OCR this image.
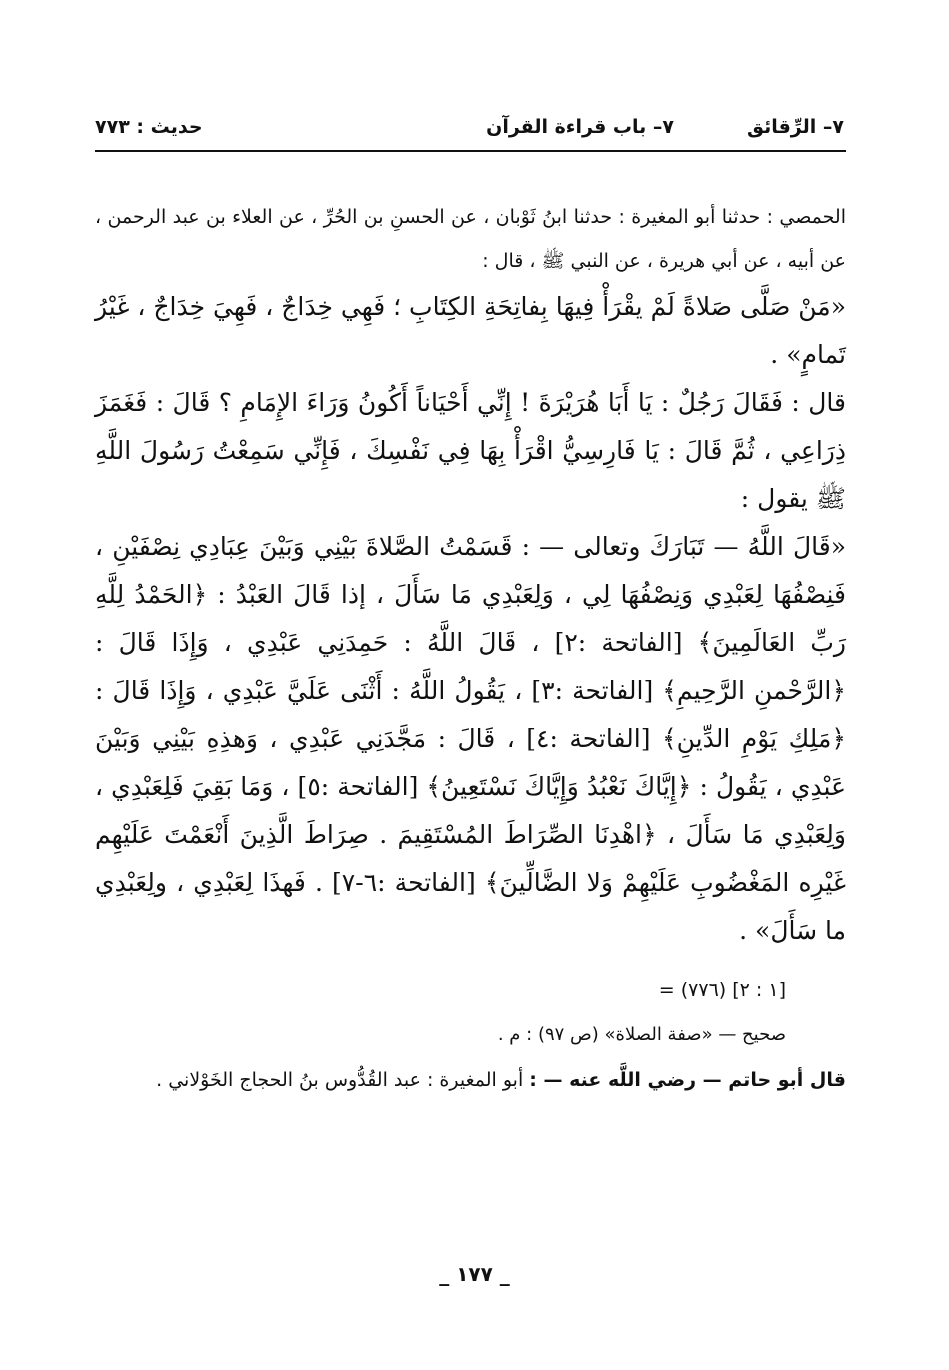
٧– الرِّقائق
٧– باب قراءة القرآن
حديث : ٧٧٣

الحمصي : حدثنا أبو المغيرة : حدثنا ابنُ ثَوْبان ، عن الحسنِ بن الحُرِّ ، عن العلاء بن عبد الرحمن ، عن أبيه ، عن أبي هريرة ، عن النبي ﷺ ، قال :

«مَنْ صَلَّى صَلاةً لَمْ يقْرَأْ فِيهَا بِفاتِحَةِ الكِتَابِ ؛ فَهِي خِدَاجٌ ، فَهِيَ خِدَاجٌ ، غَيْرُ تَمامٍ» .

قال : فَقَالَ رَجُلٌ : يَا أَبَا هُرَيْرَةَ ! إِنِّي أَحْيَاناً أَكُونُ وَرَاءَ الإِمَامِ ؟ قَالَ : فَغَمَزَ ذِرَاعِي ، ثُمَّ قَالَ : يَا فَارِسِيُّ اقْرَأْ بِهَا فِي نَفْسِكَ ، فَإِنِّي سَمِعْتُ رَسُولَ اللَّهِ ﷺ يقول :

«قَالَ اللَّهُ — تَبَارَكَ وتعالى — : قَسَمْتُ الصَّلاةَ بَيْنِي وَبَيْنَ عِبَادِي نِصْفَيْنِ ، فَنِصْفُهَا لِعَبْدِي وَنِصْفُهَا لِي ، وَلِعَبْدِي مَا سَأَلَ ، إذا قَالَ العَبْدُ : ﴿الحَمْدُ لِلَّهِ رَبِّ العَالَمِينَ﴾ [الفاتحة :٢] ، قَالَ اللَّهُ : حَمِدَنِي عَبْدِي ، وَإِذَا قَالَ : ﴿الرَّحْمنِ الرَّحِيمِ﴾ [الفاتحة :٣] ، يَقُولُ اللَّهُ : أَثْنَى عَلَيَّ عَبْدِي ، وَإِذَا قَالَ : ﴿مَلِكِ يَوْمِ الدِّينِ﴾ [الفاتحة :٤] ، قَالَ : مَجَّدَنِي عَبْدِي ، وَهذِهِ بَيْنِي وَبَيْنَ عَبْدِي ، يَقُولُ : ﴿إِيَّاكَ نَعْبُدُ وَإِيَّاكَ نَسْتَعِينُ﴾ [الفاتحة :٥] ، وَمَا بَقِيَ فَلِعَبْدِي ، وَلِعَبْدِي مَا سَأَلَ ، ﴿اهْدِنَا الصِّرَاطَ المُسْتَقِيمَ . صِرَاطَ الَّذِينَ أَنْعَمْتَ عَلَيْهِم غَيْرِه المَغْضُوبِ عَلَيْهِمْ وَلا الضَّالِّينَ﴾ [الفاتحة :٦-٧] . فَهذَا لِعَبْدِي ، ولِعَبْدِي ما سَأَلَ» .

= (٧٧٦) [١ : ٢]

صحيح — «صفة الصلاة» (ص ٩٧) : م .

قال أبو حاتم — رضي اللَّه عنه — : أبو المغيرة : عبد القُدُّوس بنُ الحجاج الخَوْلاني .

_ ١٧٧ _
